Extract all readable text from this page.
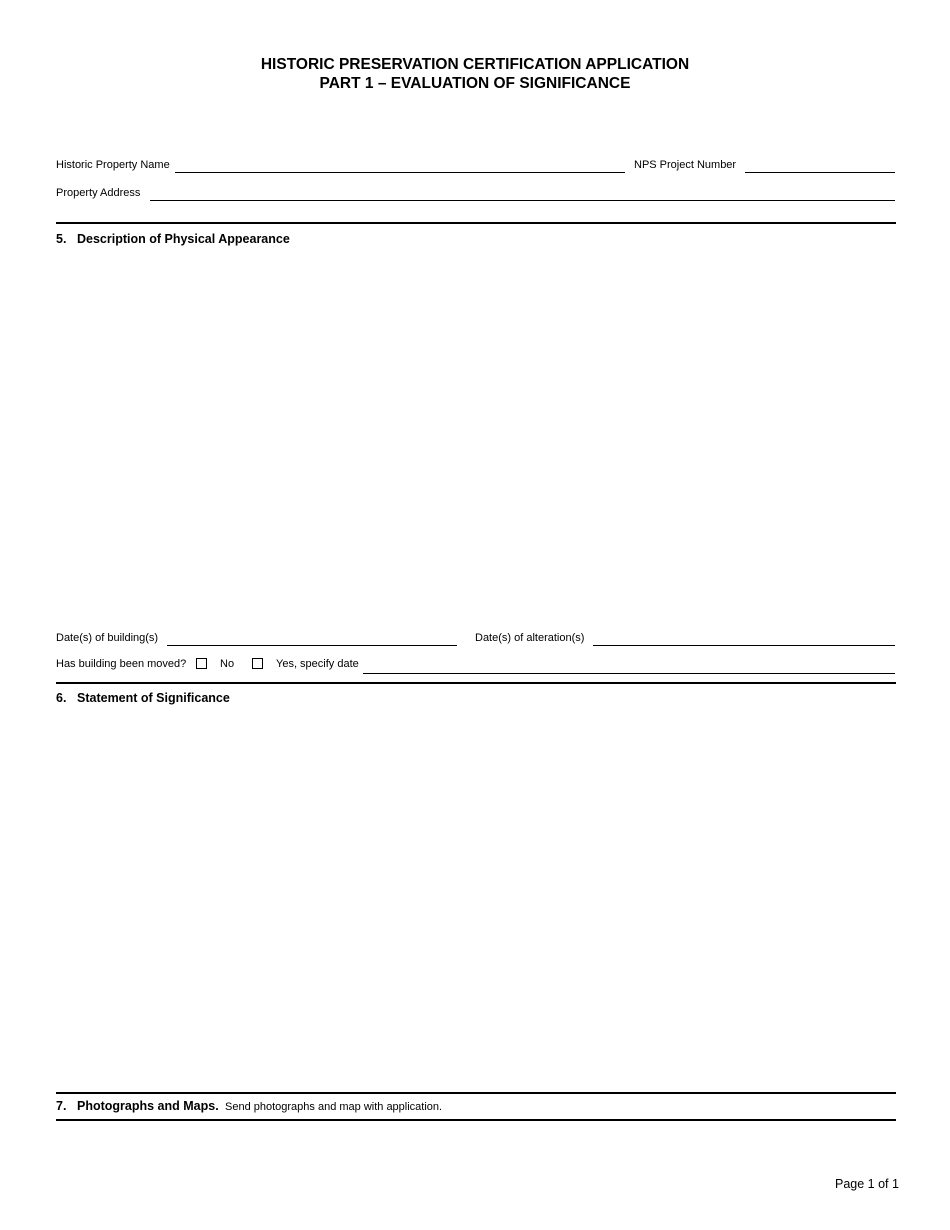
HISTORIC PRESERVATION CERTIFICATION APPLICATION
PART 1 – EVALUATION OF SIGNIFICANCE
Historic Property Name	NPS Project Number
Property Address
5. Description of Physical Appearance
Date(s) of building(s)	Date(s) of alteration(s)
Has building been moved?	No	Yes, specify date
6. Statement of Significance
7. Photographs and Maps. Send photographs and map with application.
Page 1 of 1
